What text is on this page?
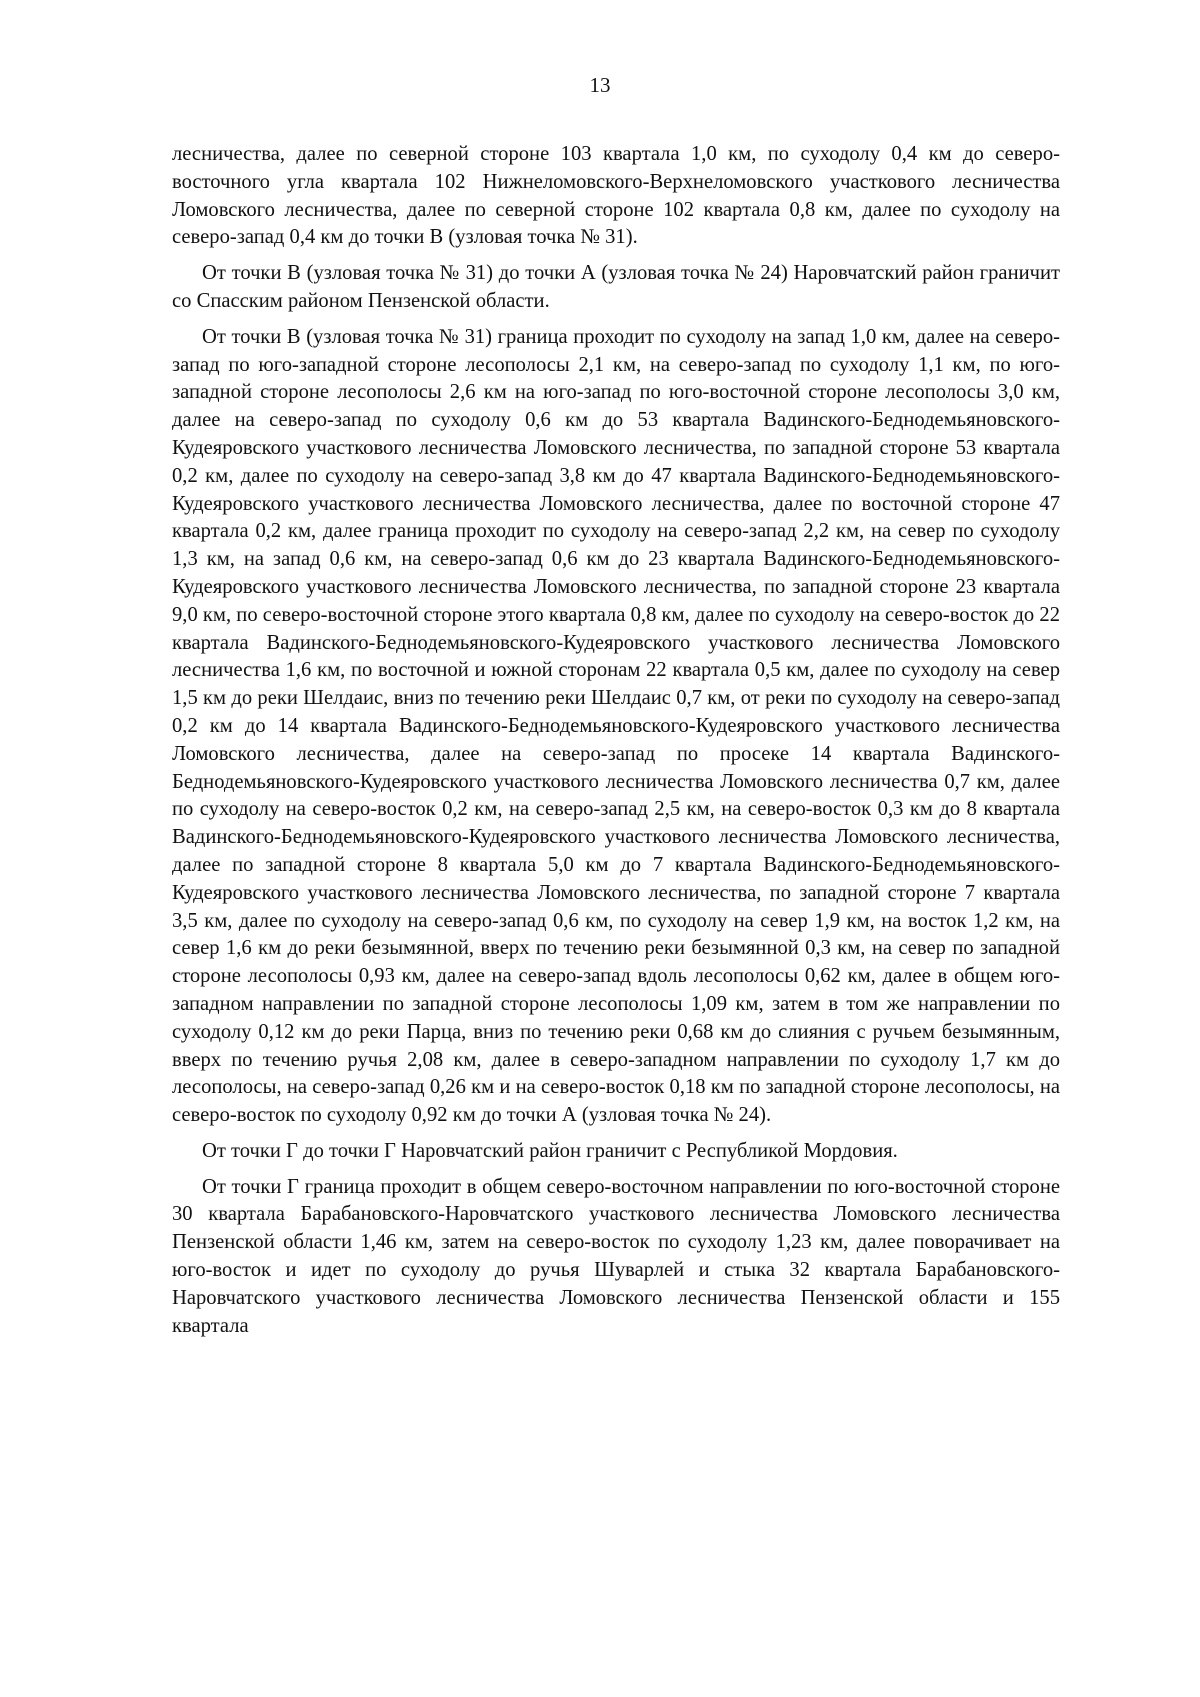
13

лесничества, далее по северной стороне 103 квартала 1,0 км, по суходолу 0,4 км до северо-восточного угла квартала 102 Нижнеломовского-Верхнеломовского участкового лесничества Ломовского лесничества, далее по северной стороне 102 квартала 0,8 км, далее по суходолу на северо-запад 0,4 км до точки В (узловая точка № 31).

От точки В (узловая точка № 31) до точки А (узловая точка № 24) Наровчатский район граничит со Спасским районом Пензенской области.

От точки В (узловая точка № 31) граница проходит по суходолу на запад 1,0 км, далее на северо-запад по юго-западной стороне лесополосы 2,1 км, на северо-запад по суходолу 1,1 км, по юго-западной стороне лесополосы 2,6 км на юго-запад по юго-восточной стороне лесополосы 3,0 км, далее на северо-запад по суходолу 0,6 км до 53 квартала Вадинского-Беднодемьяновского-Кудеяровского участкового лесничества Ломовского лесничества, по западной стороне 53 квартала 0,2 км, далее по суходолу на северо-запад 3,8 км до 47 квартала Вадинского-Беднодемьяновского-Кудеяровского участкового лесничества Ломовского лесничества, далее по восточной стороне 47 квартала 0,2 км, далее граница проходит по суходолу на северо-запад 2,2 км, на север по суходолу 1,3 км, на запад 0,6 км, на северо-запад 0,6 км до 23 квартала Вадинского-Беднодемьяновского-Кудеяровского участкового лесничества Ломовского лесничества, по западной стороне 23 квартала 9,0 км, по северо-восточной стороне этого квартала 0,8 км, далее по суходолу на северо-восток до 22 квартала Вадинского-Беднодемьяновского-Кудеяровского участкового лесничества Ломовского лесничества 1,6 км, по восточной и южной сторонам 22 квартала 0,5 км, далее по суходолу на север 1,5 км до реки Шелдаис, вниз по течению реки Шелдаис 0,7 км, от реки по суходолу на северо-запад 0,2 км до 14 квартала Вадинского-Беднодемьяновского-Кудеяровского участкового лесничества Ломовского лесничества, далее на северо-запад по просеке 14 квартала Вадинского-Беднодемьяновского-Кудеяровского участкового лесничества Ломовского лесничества 0,7 км, далее по суходолу на северо-восток 0,2 км, на северо-запад 2,5 км, на северо-восток 0,3 км до 8 квартала Вадинского-Беднодемьяновского-Кудеяровского участкового лесничества Ломовского лесничества, далее по западной стороне 8 квартала 5,0 км до 7 квартала Вадинского-Беднодемьяновского-Кудеяровского участкового лесничества Ломовского лесничества, по западной стороне 7 квартала 3,5 км, далее по суходолу на северо-запад 0,6 км, по суходолу на север 1,9 км, на восток 1,2 км, на север 1,6 км до реки безымянной, вверх по течению реки безымянной 0,3 км, на север по западной стороне лесополосы 0,93 км, далее на северо-запад вдоль лесополосы 0,62 км, далее в общем юго-западном направлении по западной стороне лесополосы 1,09 км, затем в том же направлении по суходолу 0,12 км до реки Парца, вниз по течению реки 0,68 км до слияния с ручьем безымянным, вверх по течению ручья 2,08 км, далее в северо-западном направлении по суходолу 1,7 км до лесополосы, на северо-запад 0,26 км и на северо-восток 0,18 км по западной стороне лесополосы, на северо-восток по суходолу 0,92 км до точки А (узловая точка № 24).

От точки Г до точки Г Наровчатский район граничит с Республикой Мордовия.

От точки Г граница проходит в общем северо-восточном направлении по юго-восточной стороне 30 квартала Барабановского-Наровчатского участкового лесничества Ломовского лесничества Пензенской области 1,46 км, затем на северо-восток по суходолу 1,23 км, далее поворачивает на юго-восток и идет по суходолу до ручья Шуварлей и стыка 32 квартала Барабановского-Наровчатского участкового лесничества Ломовского лесничества Пензенской области и 155 квартала
